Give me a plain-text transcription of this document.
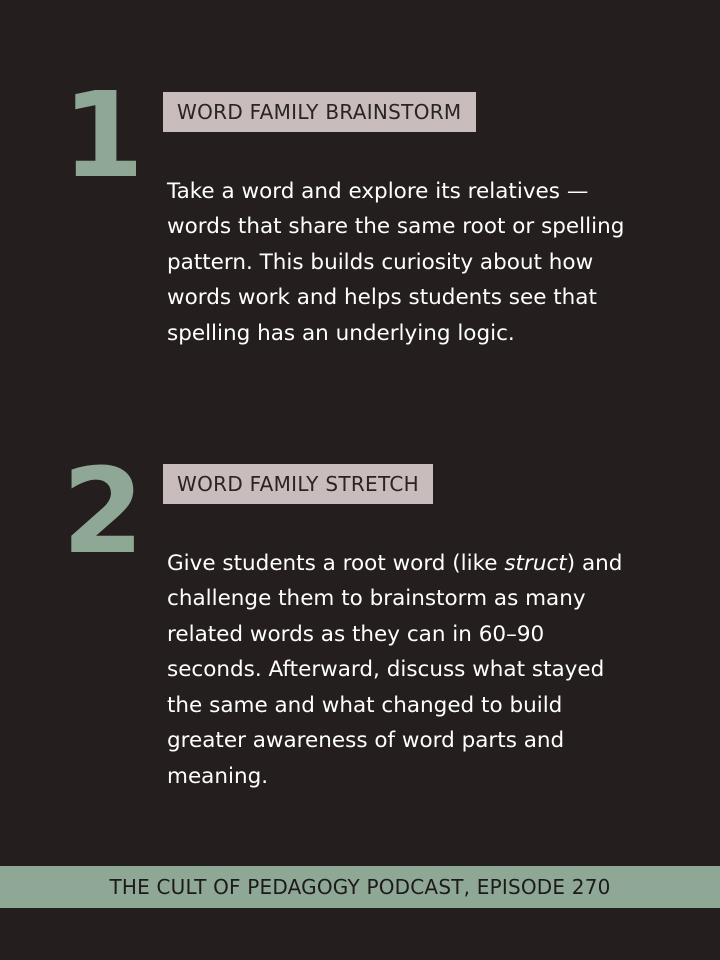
1	WORD FAMILY BRAINSTORM

Take a word and explore its relatives — words that share the same root or spelling pattern. This builds curiosity about how words work and helps students see that spelling has an underlying logic.

2	WORD FAMILY STRETCH

Give students a root word (like struct) and challenge them to brainstorm as many related words as they can in 60–90 seconds. Afterward, discuss what stayed the same and what changed to build greater awareness of word parts and meaning.

THE CULT OF PEDAGOGY PODCAST, EPISODE 270
